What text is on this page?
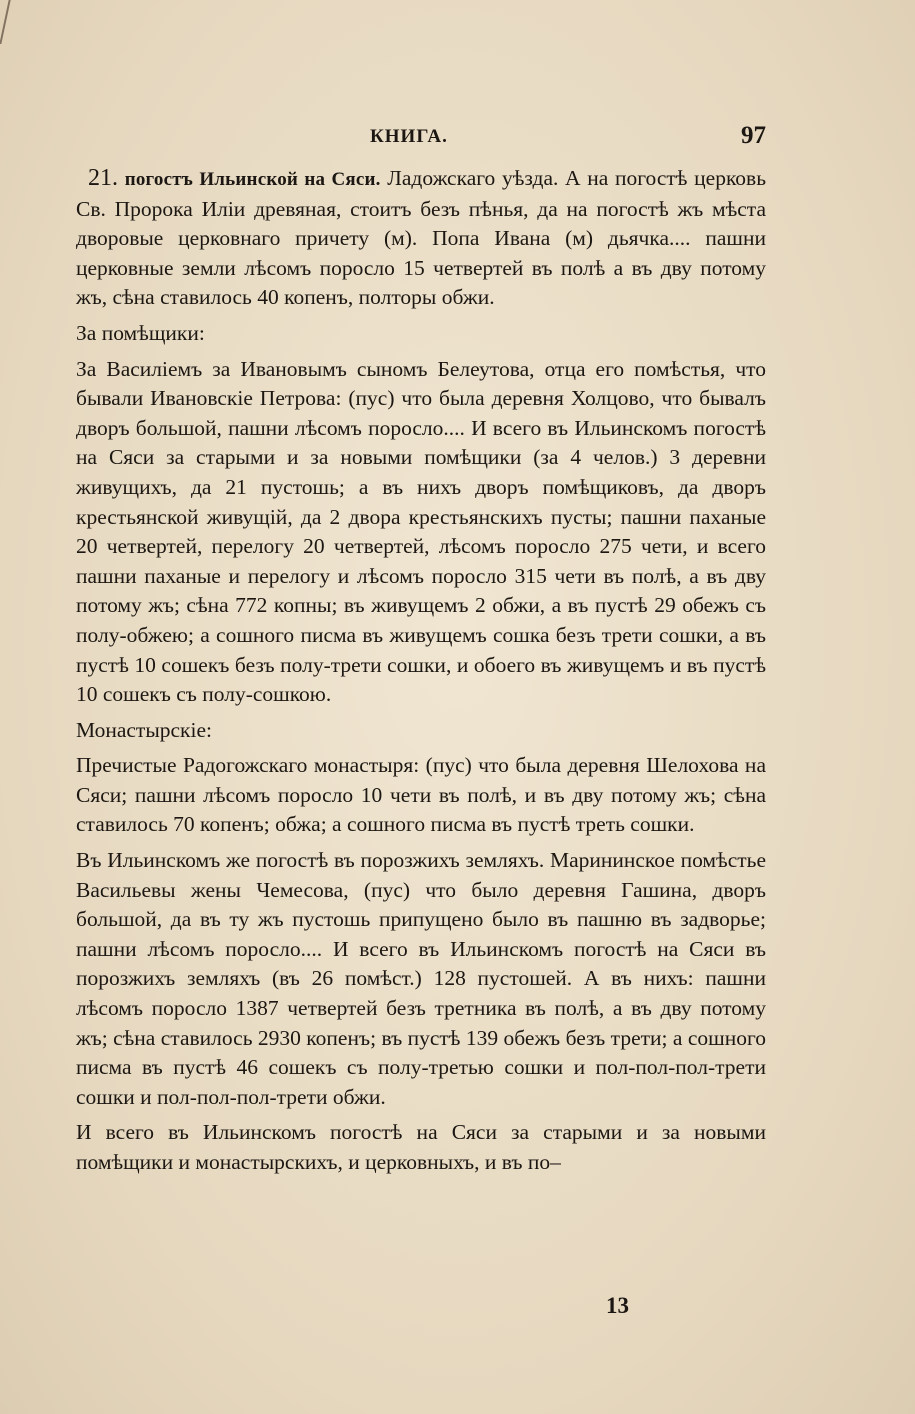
КНИГА.	97

21. погостъ Ильинской на Сяси. Ладожскаго уѣзда. А на погостѣ церковь Св. Пророка Иліи древяная, стоитъ безъ пѣнья, да на погостѣ жъ мѣста дворовые церковнаго причету (м). Попа Ивана (м) дьячка.... пашни церковные земли лѣсомъ поросло 15 четвертей въ полѣ а въ дву потому жъ, сѣна ставилось 40 копенъ, полторы обжи.

За помѣщики:

За Василіемъ за Ивановымъ сыномъ Белеутова, отца его помѣстья, что бывали Ивановскіе Петрова: (пус) что была деревня Холцово, что бывалъ дворъ большой, пашни лѣсомъ поросло.... И всего въ Ильинскомъ погостѣ на Сяси за старыми и за новыми помѣщики (за 4 челов.) 3 деревни живущихъ, да 21 пустошь; а въ нихъ дворъ помѣщиковъ, да дворъ крестьянской живущій, да 2 двора крестьянскихъ пусты; пашни паханые 20 четвертей, перелогу 20 четвертей, лѣсомъ поросло 275 чети, и всего пашни паханые и перелогу и лѣсомъ поросло 315 чети въ полѣ, а въ дву потому жъ; сѣна 772 копны; въ живущемъ 2 обжи, а въ пустѣ 29 обежъ съ полу-обжею; а сошного писма въ живущемъ сошка безъ трети сошки, а въ пустѣ 10 сошекъ безъ полу-трети сошки, и обоего въ живущемъ и въ пустѣ 10 сошекъ съ полу-сошкою.

Монастырскіе:

Пречистые Радогожскаго монастыря: (пус) что была деревня Шелохова на Сяси; пашни лѣсомъ поросло 10 чети въ полѣ, и въ дву потому жъ; сѣна ставилось 70 копенъ; обжа; а сошного писма въ пустѣ треть сошки.

Въ Ильинскомъ же погостѣ въ порозжихъ земляхъ. Марининское помѣстье Васильевы жены Чемесова, (пус) что было деревня Гашина, дворъ большой, да въ ту жъ пустошь припущено было въ пашню въ задворье; пашни лѣсомъ поросло.... И всего въ Ильинскомъ погостѣ на Сяси въ порозжихъ земляхъ (въ 26 помѣст.) 128 пустошей. А въ нихъ: пашни лѣсомъ поросло 1387 четвертей безъ третника въ полѣ, а въ дву потому жъ; сѣна ставилось 2930 копенъ; въ пустѣ 139 обежъ безъ трети; а сошного писма въ пустѣ 46 сошекъ съ полу-третью сошки и пол-пол-пол-трети сошки и пол-пол-пол-трети обжи.

И всего въ Ильинскомъ погостѣ на Сяси за старыми и за новыми помѣщики и монастырскихъ, и церковныхъ, и въ по–

13
